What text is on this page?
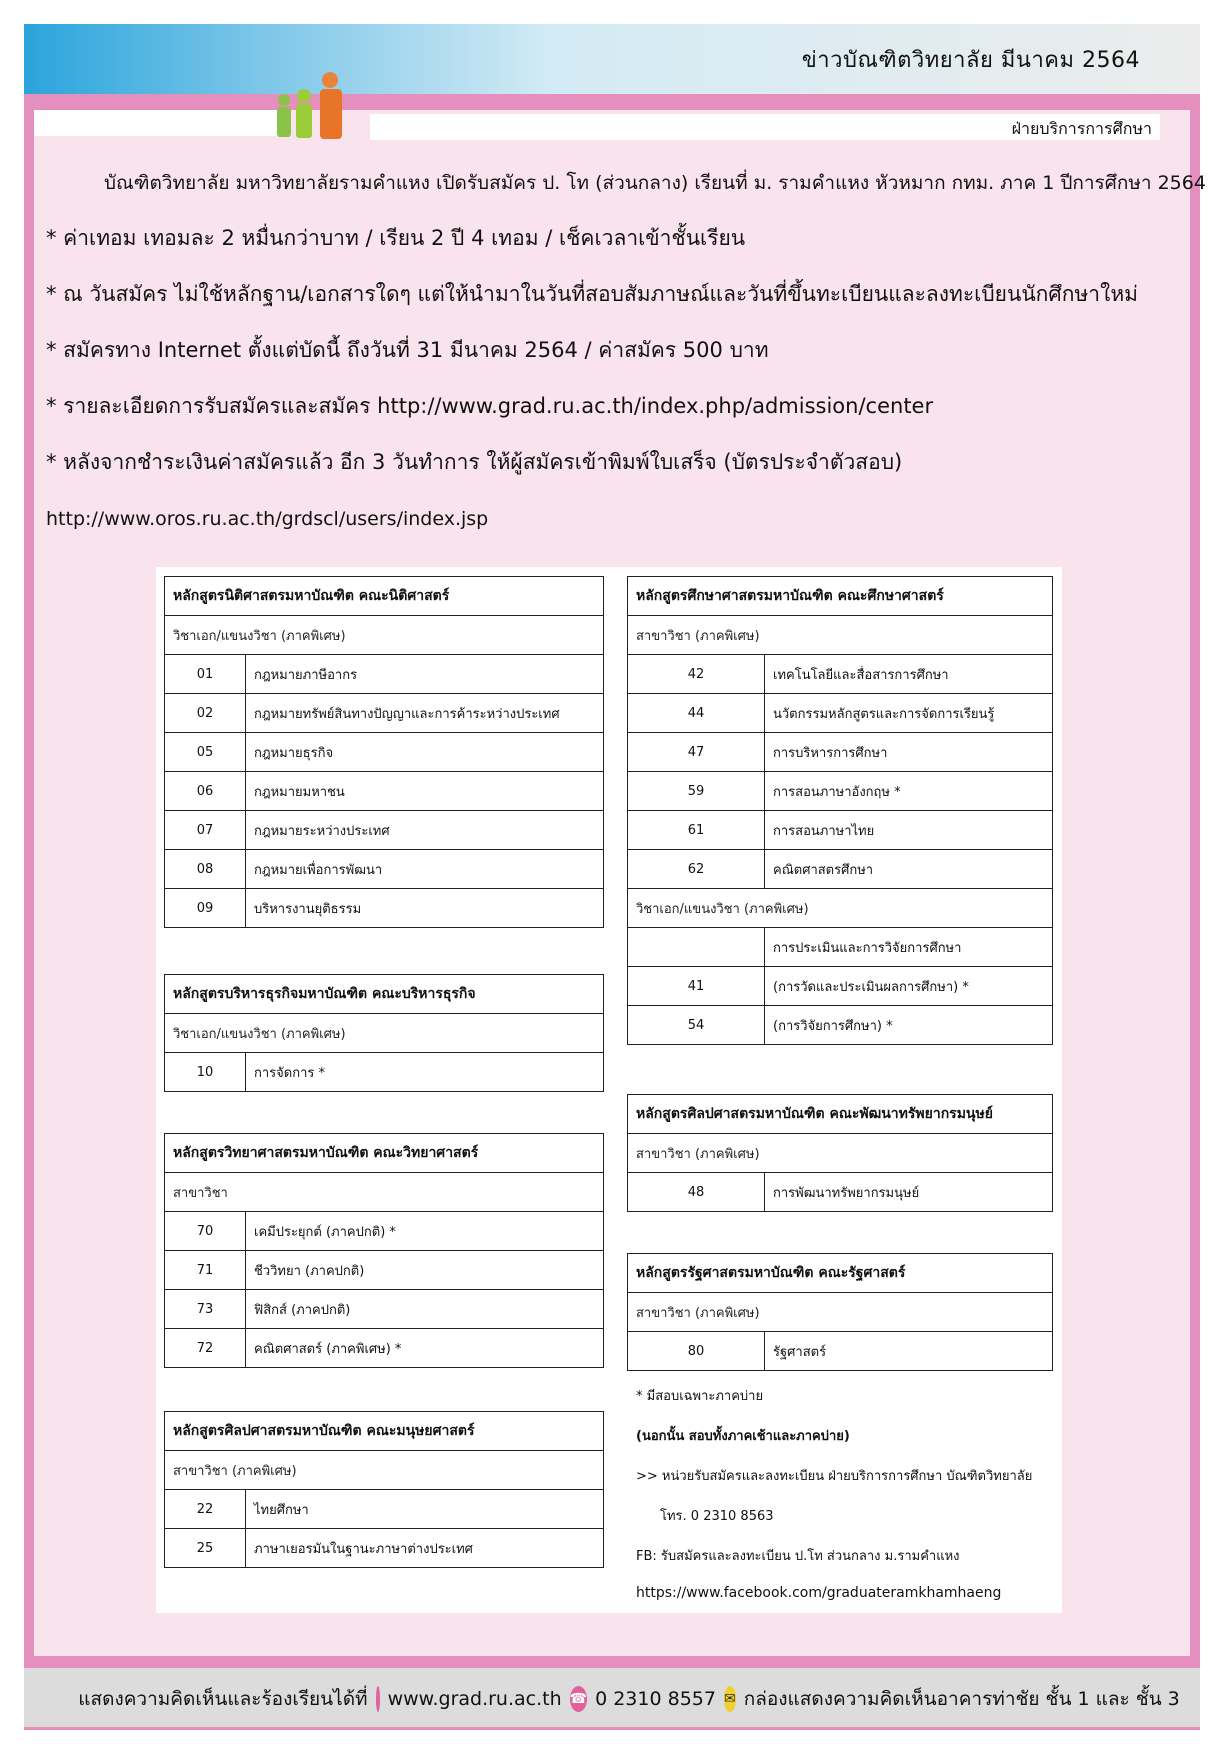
ข่าวบัณฑิตวิทยาลัย มีนาคม 2564
ฝ่ายบริการการศึกษา
บัณฑิตวิทยาลัย มหาวิทยาลัยรามคำแหง เปิดรับสมัคร ป. โท (ส่วนกลาง) เรียนที่ ม. รามคำแหง หัวหมาก กทม. ภาค 1 ปีการศึกษา 2564
* ค่าเทอม เทอมละ 2 หมื่นกว่าบาท / เรียน 2 ปี 4 เทอม / เช็คเวลาเข้าชั้นเรียน
* ณ วันสมัคร ไม่ใช้หลักฐาน/เอกสารใดๆ แต่ให้นำมาในวันที่สอบสัมภาษณ์และวันที่ขึ้นทะเบียนและลงทะเบียนนักศึกษาใหม่
* สมัครทาง Internet ตั้งแต่บัดนี้ ถึงวันที่ 31 มีนาคม 2564 / ค่าสมัคร 500 บาท
* รายละเอียดการรับสมัครและสมัคร http://www.grad.ru.ac.th/index.php/admission/center
* หลังจากชำระเงินค่าสมัครแล้ว อีก 3 วันทำการ ให้ผู้สมัครเข้าพิมพ์ใบเสร็จ (บัตรประจำตัวสอบ)
http://www.oros.ru.ac.th/grdscl/users/index.jsp
หลักสูตรนิติศาสตรมหาบัณฑิต คณะนิติศาสตร์	
วิชาเอก/แขนงวิชา (ภาคพิเศษ)	
01	กฎหมายภาษีอากร
02	กฎหมายทรัพย์สินทางปัญญาและการค้าระหว่างประเทศ
05	กฎหมายธุรกิจ
06	กฎหมายมหาชน
07	กฎหมายระหว่างประเทศ
08	กฎหมายเพื่อการพัฒนา
09	บริหารงานยุติธรรม
หลักสูตรบริหารธุรกิจมหาบัณฑิต คณะบริหารธุรกิจ
วิชาเอก/แขนงวิชา (ภาคพิเศษ)
10	การจัดการ *
หลักสูตรวิทยาศาสตรมหาบัณฑิต คณะวิทยาศาสตร์	
สาขาวิชา	
70	เคมีประยุกต์ (ภาคปกติ) *
71	ชีววิทยา (ภาคปกติ)
73	ฟิสิกส์ (ภาคปกติ)
72	คณิตศาสตร์ (ภาคพิเศษ) *
หลักสูตรศิลปศาสตรมหาบัณฑิต คณะมนุษยศาสตร์	
สาขาวิชา (ภาคพิเศษ)	
22	ไทยศึกษา
25	ภาษาเยอรมันในฐานะภาษาต่างประเทศ
หลักสูตรศึกษาศาสตรมหาบัณฑิต คณะศึกษาศาสตร์	
สาขาวิชา (ภาคพิเศษ)	
42	เทคโนโลยีและสื่อสารการศึกษา
44	นวัตกรรมหลักสูตรและการจัดการเรียนรู้
47	การบริหารการศึกษา
59	การสอนภาษาอังกฤษ *
61	การสอนภาษาไทย
62	คณิตศาสตรศึกษา
วิชาเอก/แขนงวิชา (ภาคพิเศษ)	
	การประเมินและการวิจัยการศึกษา
41	(การวัดและประเมินผลการศึกษา) *
54	(การวิจัยการศึกษา) *
หลักสูตรศิลปศาสตรมหาบัณฑิต คณะพัฒนาทรัพยากรมนุษย์
สาขาวิชา (ภาคพิเศษ)
48	การพัฒนาทรัพยากรมนุษย์
หลักสูตรรัฐศาสตรมหาบัณฑิต คณะรัฐศาสตร์
สาขาวิชา (ภาคพิเศษ)
80	รัฐศาสตร์
* มีสอบเฉพาะภาคบ่าย
(นอกนั้น สอบทั้งภาคเช้าและภาคบ่าย)
>> หน่วยรับสมัครและลงทะเบียน ฝ่ายบริการการศึกษา บัณฑิตวิทยาลัย
โทร. 0 2310 8563
FB: รับสมัครและลงทะเบียน ป.โท ส่วนกลาง ม.รามคำแหง
https://www.facebook.com/graduateramkhamhaeng
แสดงความคิดเห็นและร้องเรียนได้ที่ www.grad.ru.ac.th ☎ 0 2310 8557 ✉ กล่องแสดงความคิดเห็นอาคารท่าชัย ชั้น 1 และ ชั้น 3
